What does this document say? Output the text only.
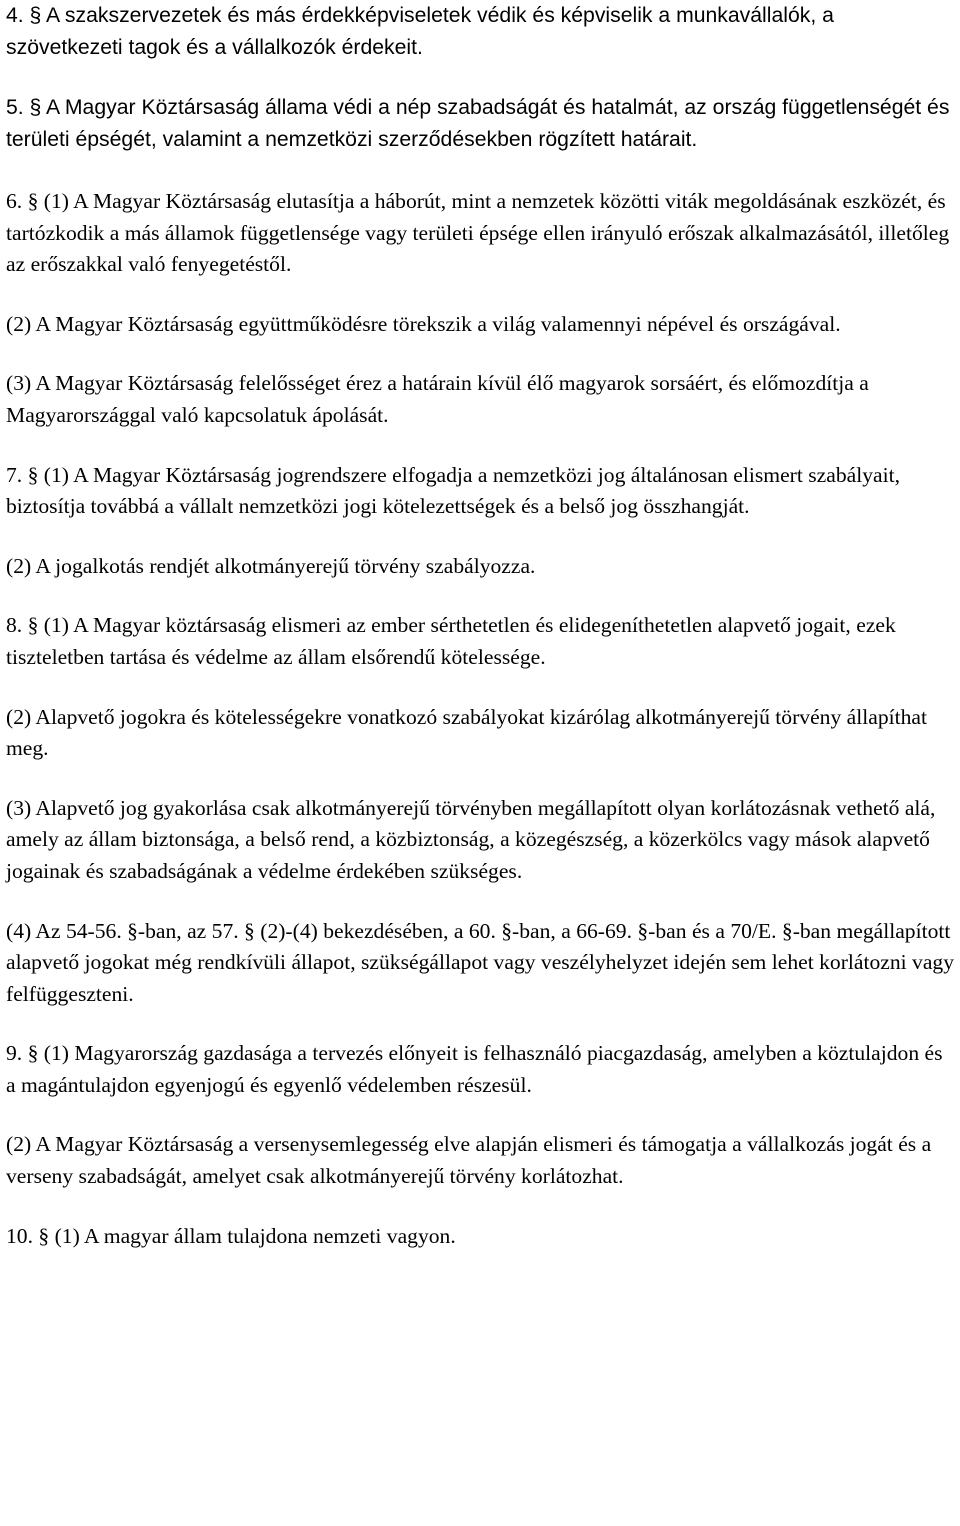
4. § A szakszervezetek és más érdekképviseletek védik és képviselik a munkavállalók, a szövetkezeti tagok és a vállalkozók érdekeit.

5. § A Magyar Köztársaság állama védi a nép szabadságát és hatalmát, az ország függetlenségét és területi épségét, valamint a nemzetközi szerződésekben rögzített határait.

6. § (1) A Magyar Köztársaság elutasítja a háborút, mint a nemzetek közötti viták megoldásának eszközét, és tartózkodik a más államok függetlensége vagy területi épsége ellen irányuló erőszak alkalmazásától, illetőleg az erőszakkal való fenyegetéstől.

(2) A Magyar Köztársaság együttműködésre törekszik a világ valamennyi népével és országával.

(3) A Magyar Köztársaság felelősséget érez a határain kívül élő magyarok sorsáért, és előmozdítja a Magyarországgal való kapcsolatuk ápolását.

7. § (1) A Magyar Köztársaság jogrendszere elfogadja a nemzetközi jog általánosan elismert szabályait, biztosítja továbbá a vállalt nemzetközi jogi kötelezettségek és a belső jog összhangját.

(2) A jogalkotás rendjét alkotmányerejű törvény szabályozza.

8. § (1) A Magyar köztársaság elismeri az ember sérthetetlen és elidegeníthetetlen alapvető jogait, ezek tiszteletben tartása és védelme az állam elsőrendű kötelessége.

(2) Alapvető jogokra és kötelességekre vonatkozó szabályokat kizárólag alkotmányerejű törvény állapíthat meg.

(3) Alapvető jog gyakorlása csak alkotmányerejű törvényben megállapított olyan korlátozásnak vethető alá, amely az állam biztonsága, a belső rend, a közbiztonság, a közegészség, a közerkölcs vagy mások alapvető jogainak és szabadságának a védelme érdekében szükséges.

(4) Az 54-56. §-ban, az 57. § (2)-(4) bekezdésében, a 60. §-ban, a 66-69. §-ban és a 70/E. §-ban megállapított alapvető jogokat még rendkívüli állapot, szükségállapot vagy veszélyhelyzet idején sem lehet korlátozni vagy felfüggeszteni.

9. § (1) Magyarország gazdasága a tervezés előnyeit is felhasználó piacgazdaság, amelyben a köztulajdon és a magántulajdon egyenjogú és egyenlő védelemben részesül.

(2) A Magyar Köztársaság a versenysemlegesség elve alapján elismeri és támogatja a vállalkozás jogát és a verseny szabadságát, amelyet csak alkotmányerejű törvény korlátozhat.

10. § (1) A magyar állam tulajdona nemzeti vagyon.
